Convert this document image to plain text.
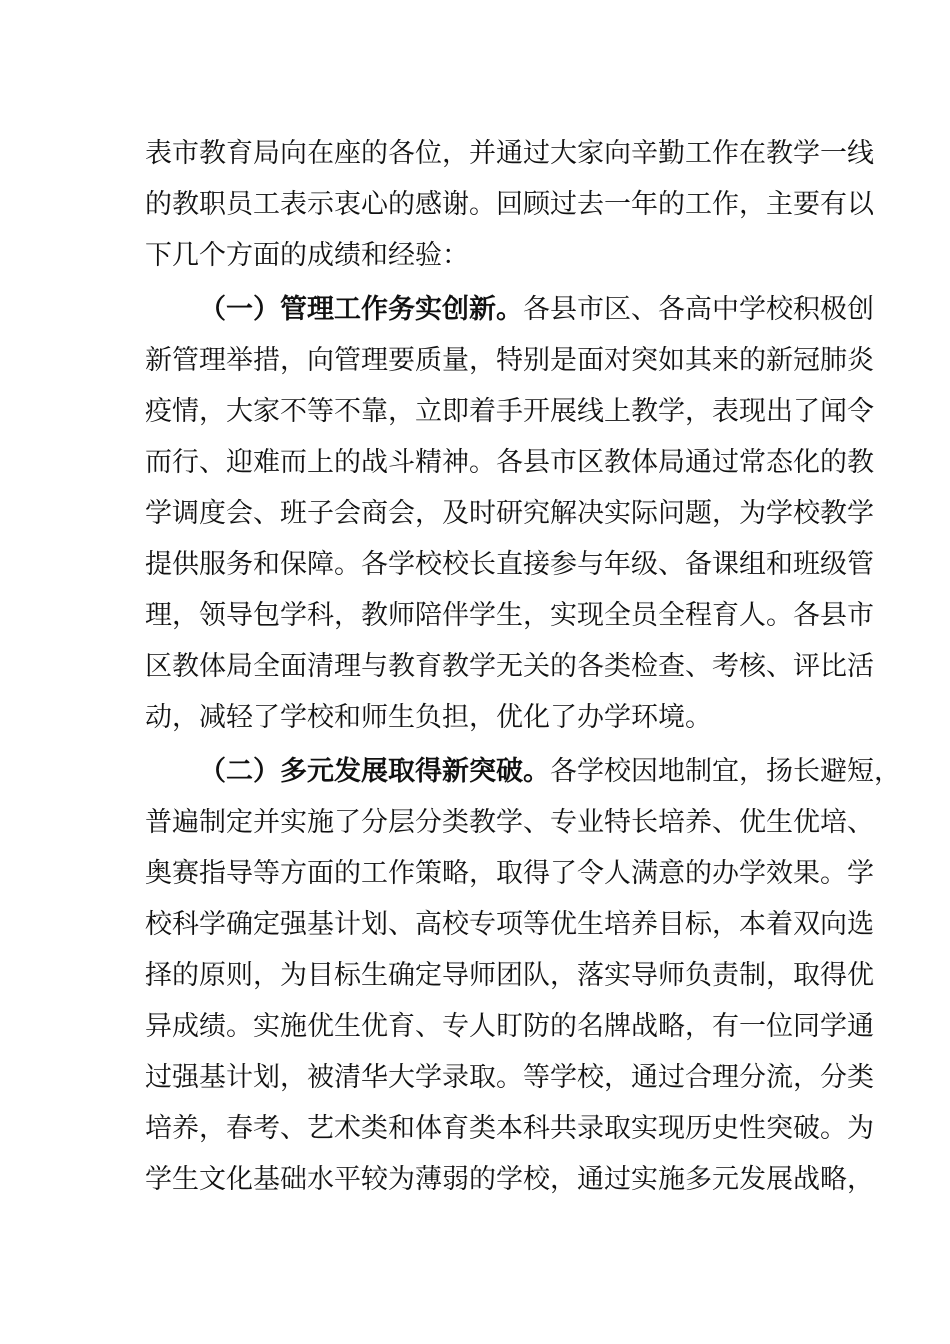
表市教育局向在座的各位，并通过大家向辛勤工作在教学一线
的教职员工表示衷心的感谢。回顾过去一年的工作，主要有以
下几个方面的成绩和经验：
（一）管理工作务实创新。各县市区、各高中学校积极创
新管理举措，向管理要质量，特别是面对突如其来的新冠肺炎
疫情，大家不等不靠，立即着手开展线上教学，表现出了闻令
而行、迎难而上的战斗精神。各县市区教体局通过常态化的教
学调度会、班子会商会，及时研究解决实际问题，为学校教学
提供服务和保障。各学校校长直接参与年级、备课组和班级管
理，领导包学科，教师陪伴学生，实现全员全程育人。各县市
区教体局全面清理与教育教学无关的各类检查、考核、评比活
动，减轻了学校和师生负担，优化了办学环境。
（二）多元发展取得新突破。各学校因地制宜，扬长避短，
普遍制定并实施了分层分类教学、专业特长培养、优生优培、
奥赛指导等方面的工作策略，取得了令人满意的办学效果。学
校科学确定强基计划、高校专项等优生培养目标，本着双向选
择的原则，为目标生确定导师团队，落实导师负责制，取得优
异成绩。实施优生优育、专人盯防的名牌战略，有一位同学通
过强基计划，被清华大学录取。等学校，通过合理分流，分类
培养，春考、艺术类和体育类本科共录取实现历史性突破。为
学生文化基础水平较为薄弱的学校，通过实施多元发展战略，
